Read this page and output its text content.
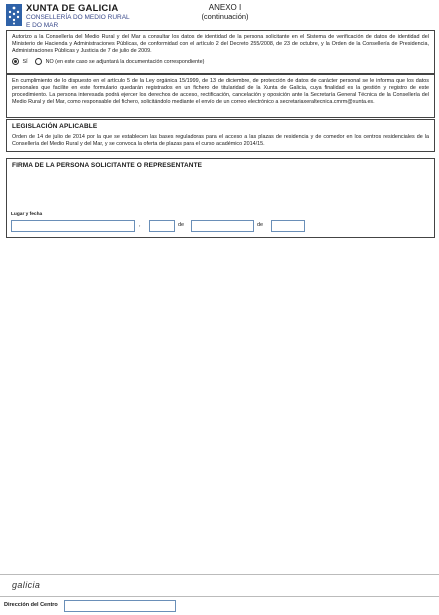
XUNTA DE GALICIA
CONSELLERÍA DO MEDIO RURAL
E DO MAR
ANEXO I
(continuación)
Autorizo a la Consellería del Medio Rural y del Mar a consultar los datos de identidad de la persona solicitante en el Sistema de verificación de datos de identidad del Ministerio de Hacienda y Administraciones Públicas, de conformidad con el artículo 2 del Decreto 255/2008, de 23 de octubre, y la Orden de la Consellería de Presidencia, Administraciones Públicas y Justicia de 7 de julio de 2009.
SÍ	NO (en este caso se adjuntará la documentación correspondiente)
En cumplimiento de lo dispuesto en el artículo 5 de la Ley orgánica 15/1999, de 13 de diciembre, de protección de datos de carácter personal se le informa que los datos personales que facilite en este formulario quedarán registrados en un fichero de titularidad de la Xunta de Galicia, cuya finalidad es la gestión y registro de este procedimiento. La persona interesada podrá ejercer los derechos de acceso, rectificación, cancelación y oposición ante la Secretaría General Técnica de la Consellería del Medio Rural y del Mar, como responsable del fichero, solicitándolo mediante el envío de un correo electrónico a secretariaxeraltecnica.cmrm@xunta.es.
LEGISLACIÓN APLICABLE
Orden de 14 de julio de 2014 por la que se establecen las bases reguladoras para el acceso a las plazas de residencia y de comedor en los centros residenciales de la Consellería del Medio Rural y del Mar, y se convoca la oferta de plazas para el curso académico 2014/15.
FIRMA DE LA PERSONA SOLICITANTE O REPRESENTANTE
Lugar y fecha
,	de	de
galicia
Dirección del Centro
